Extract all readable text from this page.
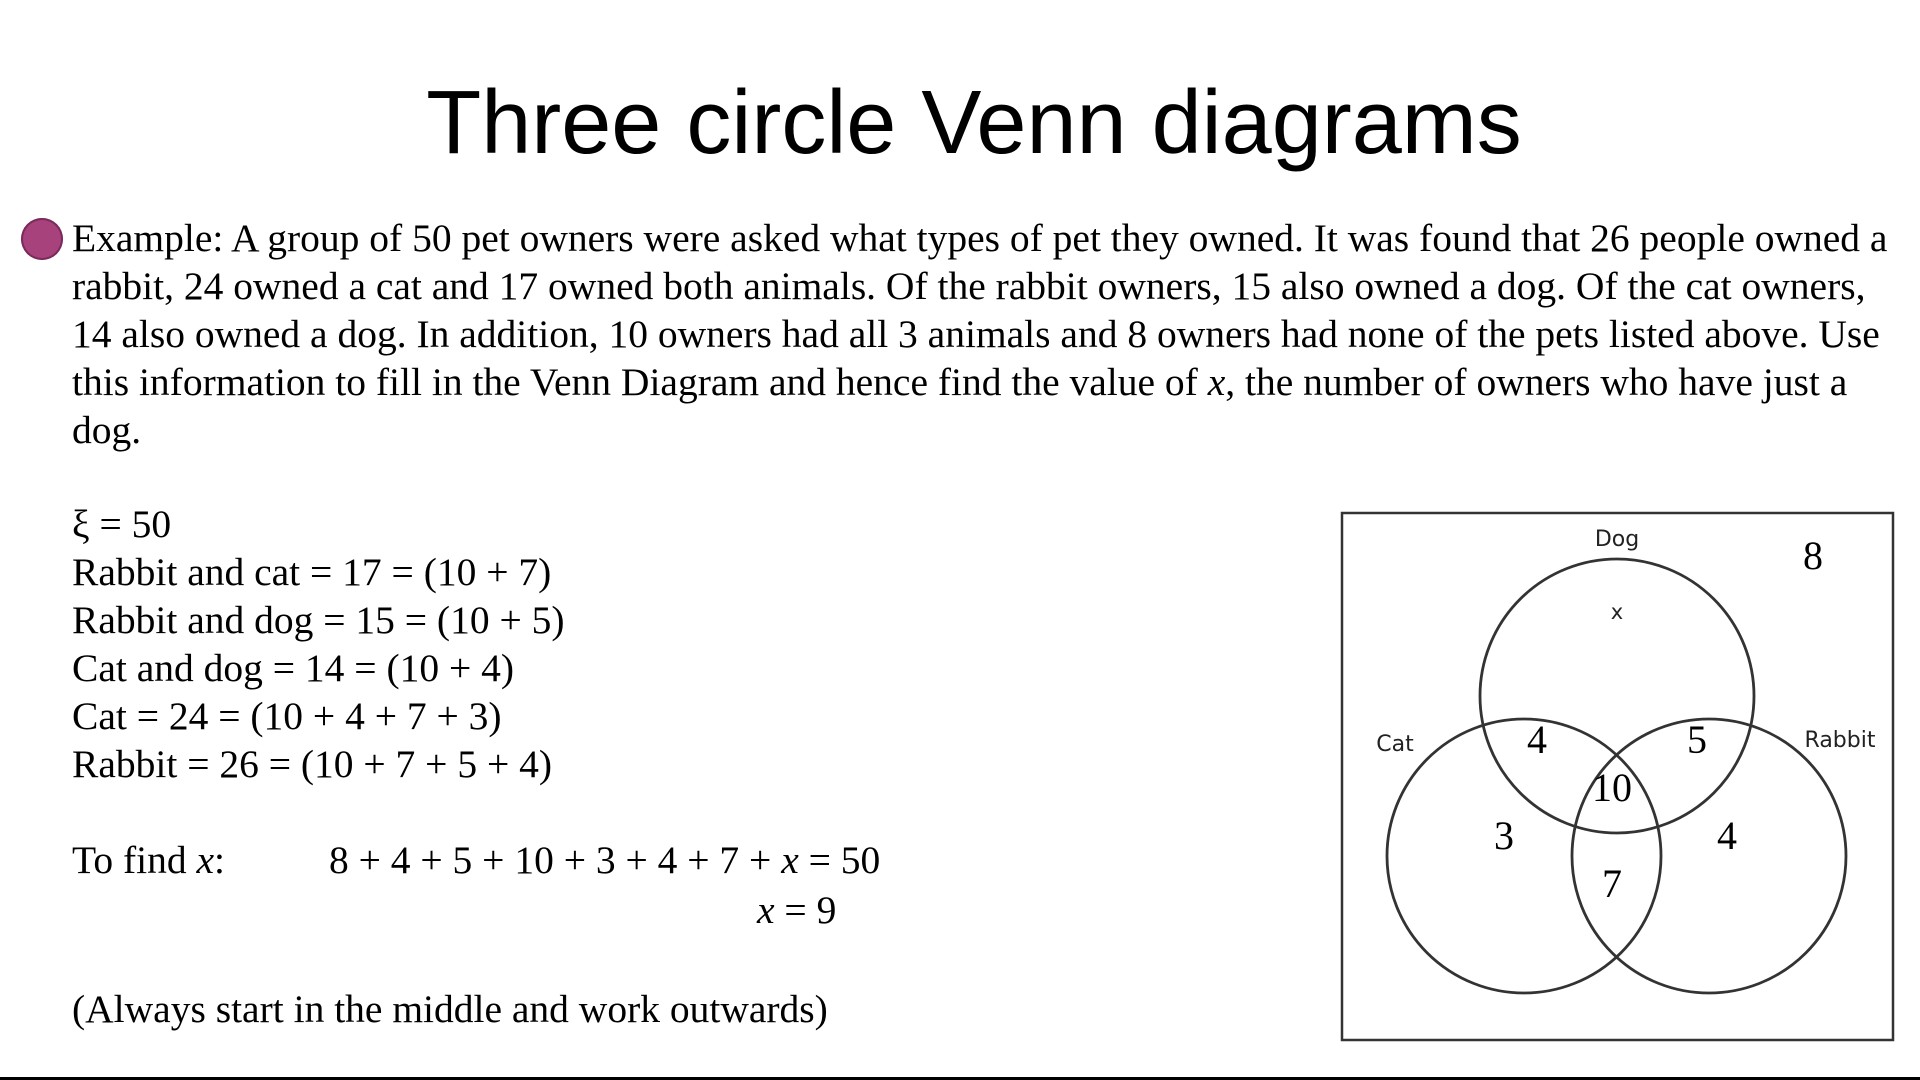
Three circle Venn diagrams
Example: A group of 50 pet owners were asked what types of pet they owned. It was found that 26 people owned a rabbit, 24 owned a cat and 17 owned both animals. Of the rabbit owners, 15 also owned a dog. Of the cat owners, 14 also owned a dog. In addition, 10 owners had all 3 animals and 8 owners had none of the pets listed above. Use this information to fill in the Venn Diagram and hence find the value of x, the number of owners who have just a dog.
ξ = 50
Rabbit and cat = 17 = (10 + 7)
Rabbit and dog = 15 = (10 + 5)
Cat and dog = 14 = (10 + 4)
Cat = 24 = (10 + 4 + 7 + 3)
Rabbit = 26 = (10 + 7 + 5 + 4)
To find x:	8 + 4 + 5 + 10 + 3 + 4 + 7 + x = 50
x = 9
(Always start in the middle and work outwards)
Dog
Cat	Rabbit
8
x
4	5
10
3	4
7
